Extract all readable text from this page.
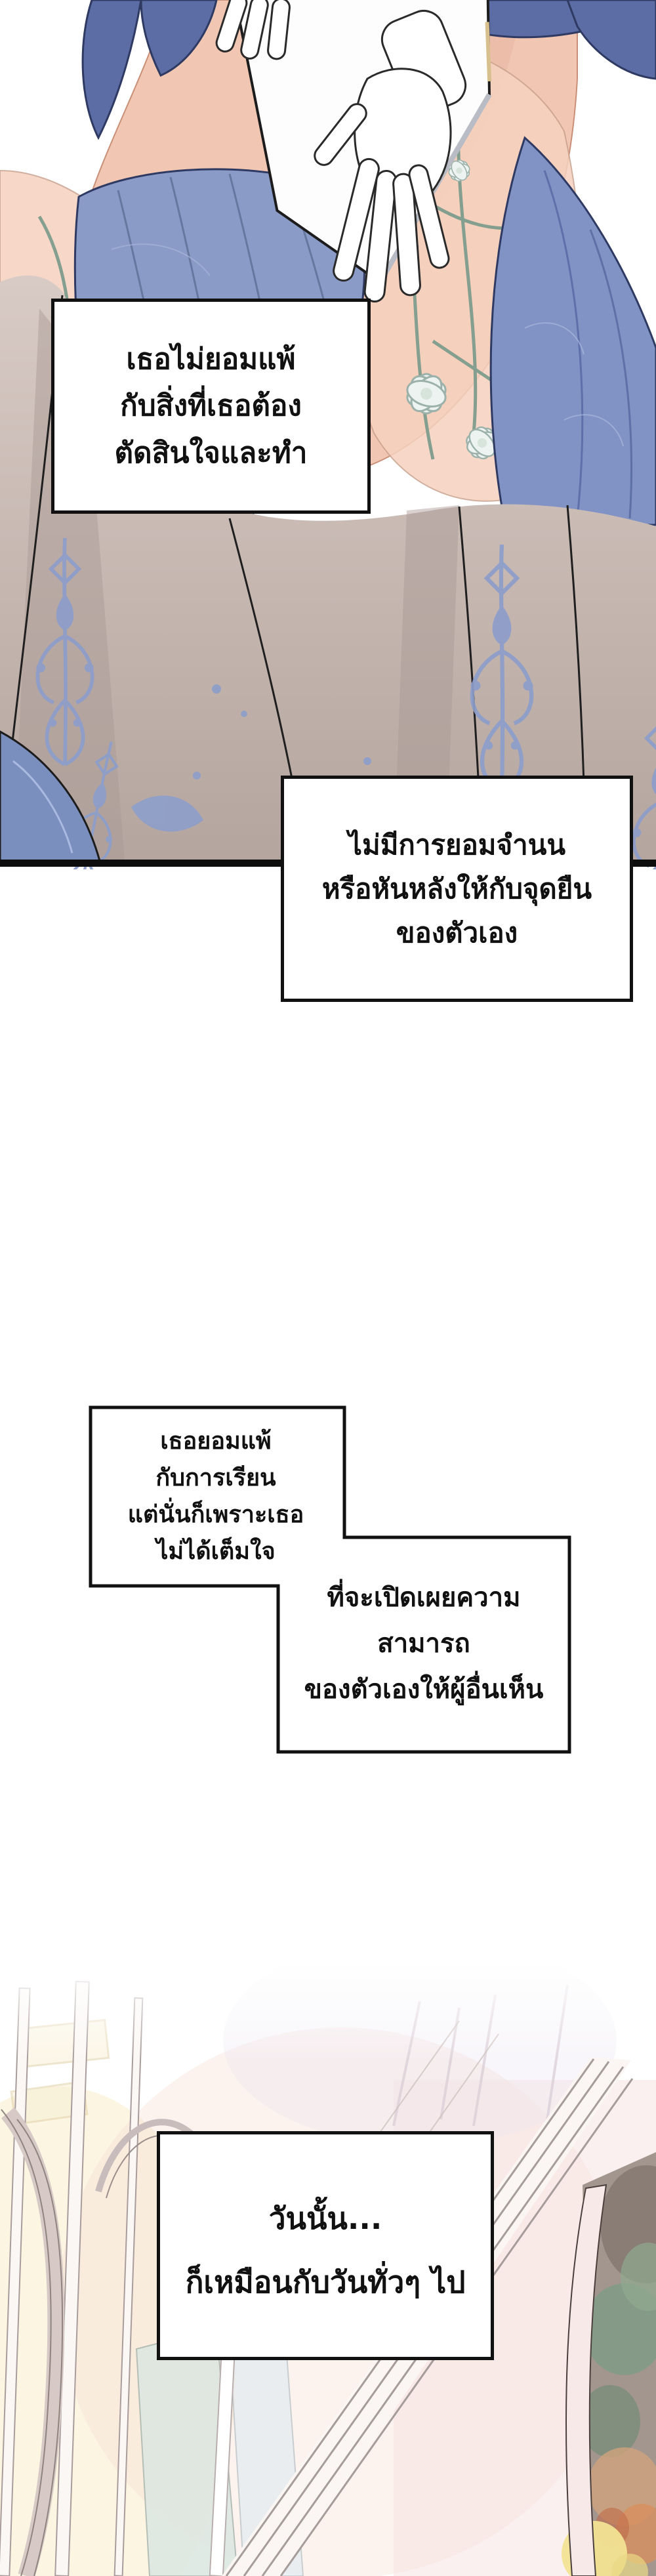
เธอไม่ยอมแพ้
กับสิ่งที่เธอต้อง
ตัดสินใจและทำ
ไม่มีการยอมจำนน
หรือหันหลังให้กับจุดยืน
ของตัวเอง
เธอยอมแพ้
กับการเรียน
แต่นั่นก็เพราะเธอ
ไม่ได้เต็มใจ
ที่จะเปิดเผยความสามารถ
ของตัวเองให้ผู้อื่นเห็น
วันนั้น...
ก็เหมือนกับวันทั่วๆ ไป
